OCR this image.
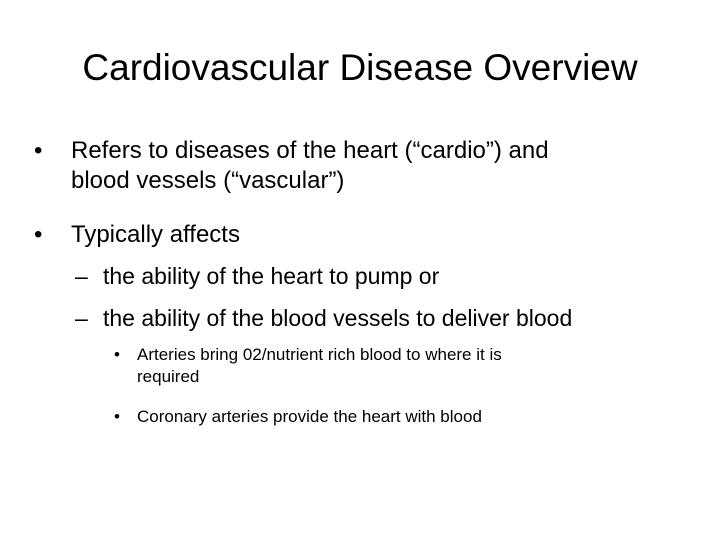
Cardiovascular Disease Overview
•	Refers to diseases of the heart (“cardio”) and
blood vessels (“vascular”)
•	Typically affects
– the ability of the heart to pump or
– the ability of the blood vessels to deliver blood
•	Arteries bring 02/nutrient rich blood to where it is
required
•	Coronary arteries provide the heart with blood
